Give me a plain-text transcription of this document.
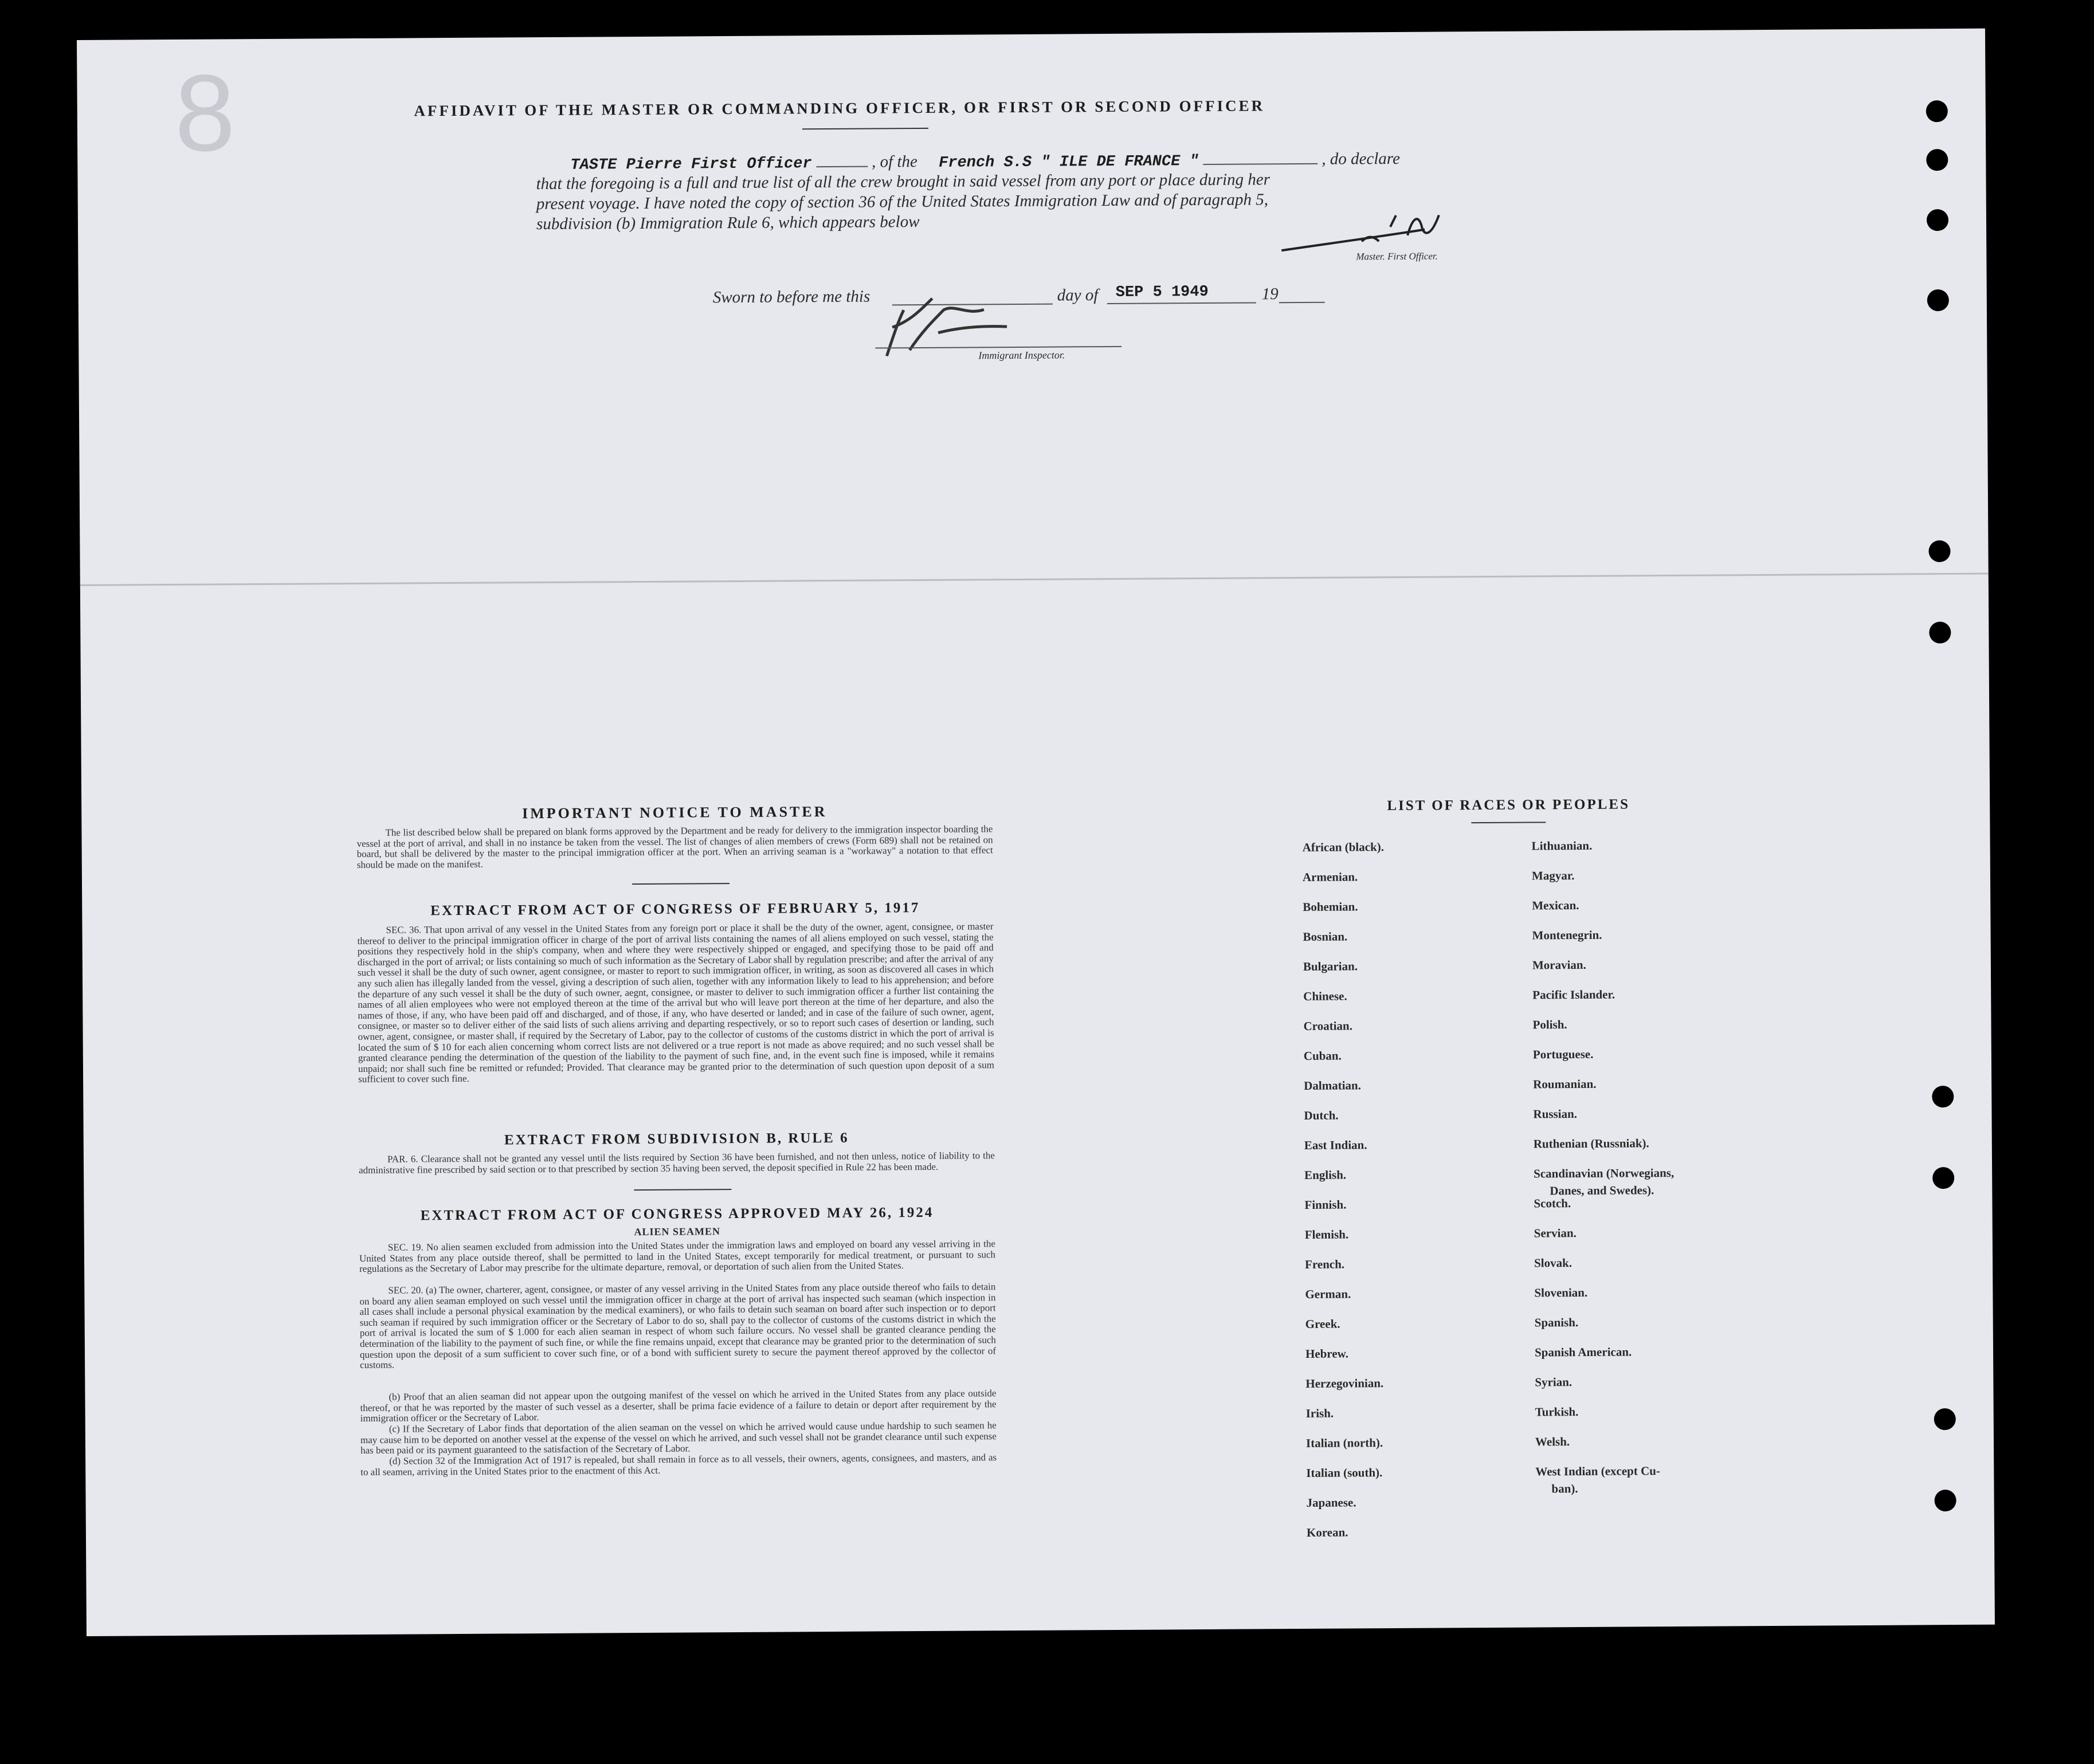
8	AFFIDAVIT OF THE MASTER OR COMMANDING OFFICER, OR FIRST OR SECOND OFFICER
TASTE Pierre First Officer	, of the French S.S " ILE DE FRANCE "	, do declare
that the foregoing is a full and true list of all the crew brought in said vessel from any port or place during her
present voyage. I have noted the copy of section 36 of the United States Immigration Law and of paragraph 5,
subdivision (b) Immigration Rule 6, which appears below
Master. First Officer.
Sworn to before me this	day of SEP 5 1949	19
Immigrant Inspector.
IMPORTANT NOTICE TO MASTER
The list described below shall be prepared on blank forms approved by the Department and be ready for delivery to the immigration inspector boarding the vessel at the port of arrival, and shall in no instance be taken from the vessel. The list of changes of alien members of crews (Form 689) shall not be retained on board, but shall be delivered by the master to the principal immigration officer at the port. When an arriving seaman is a "workaway" a notation to that effect should be made on the manifest.
EXTRACT FROM ACT OF CONGRESS OF FEBRUARY 5, 1917
SEC. 36. That upon arrival of any vessel in the United States from any foreign port or place it shall be the duty of the owner, agent, consignee, or master thereof to deliver to the principal immigration officer in charge of the port of arrival lists containing the names of all aliens employed on such vessel, stating the positions they respectively hold in the ship's company, when and where they were respectively shipped or engaged, and specifying those to be paid off and discharged in the port of arrival; or lists containing so much of such information as the Secretary of Labor shall by regulation prescribe; and after the arrival of any such vessel it shall be the duty of such owner, agent consignee, or master to report to such immigration officer, in writing, as soon as discovered all cases in which any such alien has illegally landed from the vessel, giving a description of such alien, together with any information likely to lead to his apprehension; and before the departure of any such vessel it shall be the duty of such owner, aegnt, consignee, or master to deliver to such immigration officer a further list containing the names of all alien employees who were not employed thereon at the time of the arrival but who will leave port thereon at the time of her departure, and also the names of those, if any, who have been paid off and discharged, and of those, if any, who have deserted or landed; and in case of the failure of such owner, agent, consignee, or master so to deliver either of the said lists of such aliens arriving and departing respectively, or so to report such cases of desertion or landing, such owner, agent, consignee, or master shall, if required by the Secretary of Labor, pay to the collector of customs of the customs district in which the port of arrival is located the sum of $ 10 for each alien concerning whom correct lists are not delivered or a true report is not made as above required; and no such vessel shall be granted clearance pending the determination of the question of the liability to the payment of such fine, and, in the event such fine is imposed, while it remains unpaid; nor shall such fine be remitted or refunded; Provided. That clearance may be granted prior to the determination of such question upon deposit of a sum sufficient to cover such fine.
EXTRACT FROM SUBDIVISION B, RULE 6
PAR. 6. Clearance shall not be granted any vessel until the lists required by Section 36 have been furnished, and not then unless, notice of liability to the administrative fine prescribed by said section or to that prescribed by section 35 having been served, the deposit specified in Rule 22 has been made.
EXTRACT FROM ACT OF CONGRESS APPROVED MAY 26, 1924
ALIEN SEAMEN
SEC. 19. No alien seamen excluded from admission into the United States under the immigration laws and employed on board any vessel arriving in the United States from any place outside thereof, shall be permitted to land in the United States, except temporarily for medical treatment, or pursuant to such regulations as the Secretary of Labor may prescribe for the ultimate departure, removal, or deportation of such alien from the United States.
SEC. 20. (a) The owner, charterer, agent, consignee, or master of any vessel arriving in the United States from any place outside thereof who fails to detain on board any alien seaman employed on such vessel until the immigration officer in charge at the port of arrival has inspected such seaman (which inspection in all cases shall include a personal physical examination by the medical examiners), or who fails to detain such seaman on board after such inspection or to deport such seaman if required by such immigration officer or the Secretary of Labor to do so, shall pay to the collector of customs of the customs district in which the port of arrival is located the sum of $ 1.000 for each alien seaman in respect of whom such failure occurs. No vessel shall be granted clearance pending the determination of the liability to the payment of such fine, or while the fine remains unpaid, except that clearance may be granted prior to the determination of such question upon the deposit of a sum sufficient to cover such fine, or of a bond with sufficient surety to secure the payment thereof approved by the collector of customs.
(b) Proof that an alien seaman did not appear upon the outgoing manifest of the vessel on which he arrived in the United States from any place outside thereof, or that he was reported by the master of such vessel as a deserter, shall be prima facie evidence of a failure to detain or deport after requirement by the immigration officer or the Secretary of Labor.
(c) If the Secretary of Labor finds that deportation of the alien seaman on the vessel on which he arrived would cause undue hardship to such seamen he may cause him to be deported on another vessel at the expense of the vessel on which he arrived, and such vessel shall not be grandet clearance until such expense has been paid or its payment guaranteed to the satisfaction of the Secretary of Labor.
(d) Section 32 of the Immigration Act of 1917 is repealed, but shall remain in force as to all vessels, their owners, agents, consignees, and masters, and as to all seamen, arriving in the United States prior to the enactment of this Act.
LIST OF RACES OR PEOPLES
African (black).
Armenian.
Bohemian.
Bosnian.
Bulgarian.
Chinese.
Croatian.
Cuban.
Dalmatian.
Dutch.
East Indian.
English.
Finnish.
Flemish.
French.
German.
Greek.
Hebrew.
Herzegovinian.
Irish.
Italian (north).
Italian (south).
Japanese.
Korean.
Lithuanian.
Magyar.
Mexican.
Montenegrin.
Moravian.
Pacific Islander.
Polish.
Portuguese.
Roumanian.
Russian.
Ruthenian (Russniak).
Scandinavian (Norwegians,
Danes, and Swedes).
Scotch.
Servian.
Slovak.
Slovenian.
Spanish.
Spanish American.
Syrian.
Turkish.
Welsh.
West Indian (except Cu-
ban).
